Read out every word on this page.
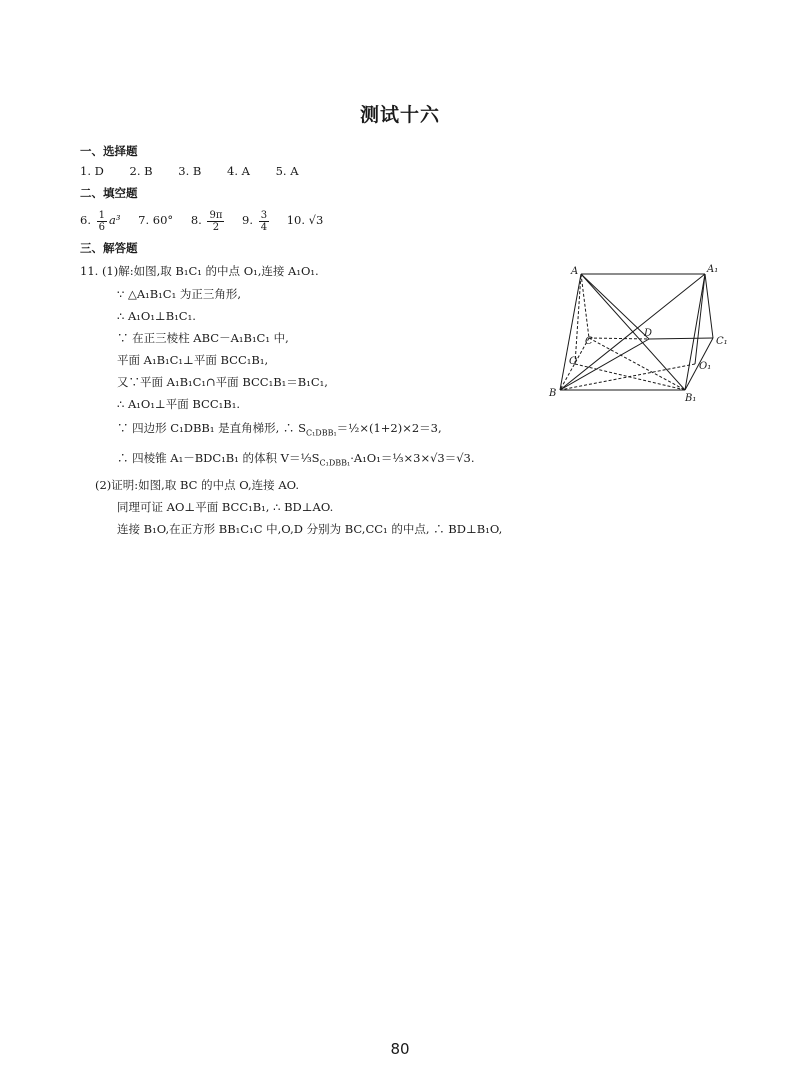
测试十六
一、选择题
1. D 2. B 3. B 4. A 5. A
二、填空题
6. $\frac{1}{6} a^3$ 7. 60° 8. $\frac{9\pi}{2} 9$. $\frac{3}{4} 10$. √3
三、解答题
11. (1)解:如图,取 B₁C₁ 的中点 O₁,连接 A₁O₁.
∵ △A₁B₁C₁ 为正三角形,
∴ A₁O₁⊥B₁C₁.
∵ 在正三棱柱 ABC－A₁B₁C₁ 中,
平面 A₁B₁C₁⊥平面 BCC₁B₁,
又∵平面 A₁B₁C₁∩平面 BCC₁B₁＝B₁C₁,
∴ A₁O₁⊥平面 BCC₁B₁.
∵ 四边形 C₁DBB₁ 是直角梯形, ∴ $S_{C_1DBB_1}=\frac{1}{2}\times(1+2)\times 2=3$,
∴ 四棱锥 A₁－BDC₁B₁ 的体积 $V=\frac{1}{3}S_{C_1DBB_1}\cdot A_1O_1=\frac{1}{3}\times 3\times√3=√3$.
(2)证明:如图,取 BC 的中点 O,连接 AO.
同理可证 AO⊥平面 BCC₁B₁, ∴ BD⊥AO.
连接 B₁O,在正方形 BB₁C₁C 中,O,D 分别为 BC,CC₁ 的中点, ∴ BD⊥B₁O,
A	A₁
C
D
C₁
O	O₁
B	B₁
80
